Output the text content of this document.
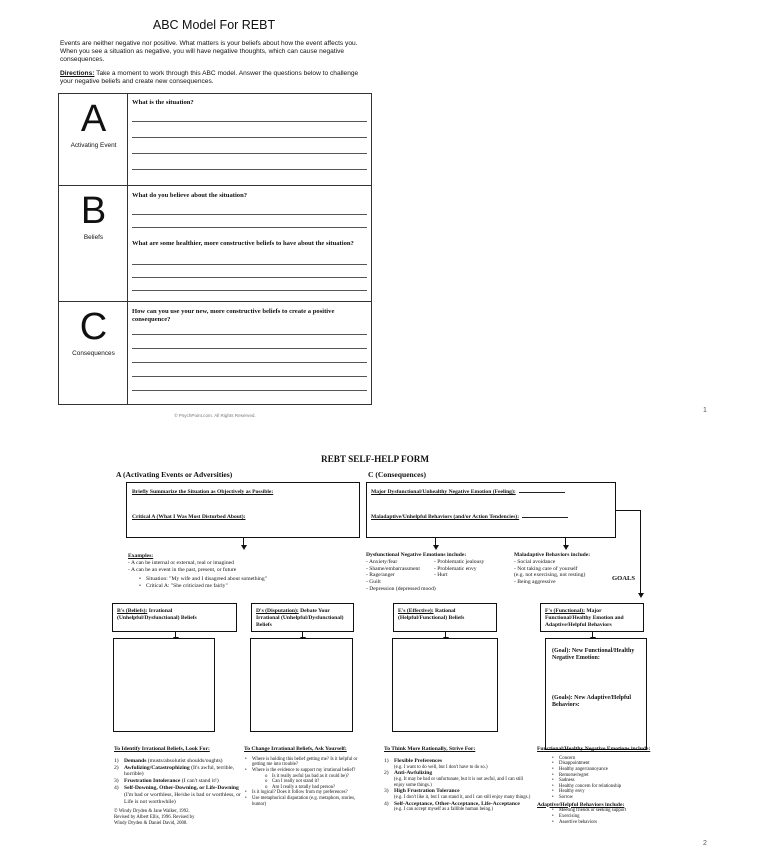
ABC Model For REBT
Events are neither negative nor positive. What matters is your beliefs about how the event affects you. When you see a situation as negative, you will have negative thoughts, which can cause negative consequences.
Directions: Take a moment to work through this ABC model. Answer the questions below to challenge your negative beliefs and create new consequences.
A
Activating Event
What is the situation?
B
Beliefs
What do you believe about the situation?
What are some healthier, more constructive beliefs to have about the situation?
C
Consequences
How can you use your new, more constructive beliefs to create a positive consequence?
© PsychPoint.com. All Rights Reserved.
1
REBT SELF-HELP FORM
A (Activating Events or Adversities)	C (Consequences)
Briefly Summarize the Situation as Objectively as Possible:
Critical A (What I Was Most Disturbed About):
Major Dysfunctional/Unhealthy Negative Emotion (Feeling):
Maladaptive/Unhelpful Behaviors (and/or Action Tendencies):
Examples:
- A can be internal or external, real or imagined
- A can be an event in the past, present, or future
• Situation: "My wife and I disagreed about something"
• Critical A: "She criticized me fairly"
Dysfunctional Negative Emotions include:
- Anxiety/fear
- Shame/embarrassment
- Rage/anger
- Guilt
- Depression (depressed mood)
- Problematic jealousy
- Problematic envy
- Hurt
Maladaptive Behaviors include:
- Social avoidance
- Not taking care of yourself
(e.g. not exercising, not resting)
- Being aggressive
GOALS
B's (Beliefs): Irrational (Unhelpful/Dysfunctional) Beliefs
D's (Disputation): Debate Your Irrational (Unhelpful/Dysfunctional) Beliefs
E's (Effective): Rational (Helpful/Functional) Beliefs
F's (Functional): Major Functional/Healthy Emotion and Adaptive/Helpful Behaviors
(Goal): New Functional/Healthy Negative Emotion:
(Goals): New Adaptive/Helpful Behaviors:
To Identify Irrational Beliefs, Look For:
1) Demands (musts/absolutist shoulds/oughts)
2) Awfulizing/Catastrophizing (It's awful, terrible, horrible)
3) Frustration Intolerance (I can't stand it!)
4) Self-Downing, Other-Downing, or Life-Downing (I'm bad or worthless, He/she is bad or worthless, or Life is not worthwhile)
© Windy Dryden & Jane Walker, 1992.
Revised by Albert Ellis, 1996. Revised by
Windy Dryden & Daniel David, 2008.
To Change Irrational Beliefs, Ask Yourself:
• Where is holding this belief getting me? Is it helpful or getting me into trouble?
• Where is the evidence to support my irrational belief?
o Is it really awful (as bad as it could be)?
o Can I really not stand it?
o Am I really a totally bad person?
• Is it logical? Does it follow from my preferences?
• Use metaphorical disputation (e.g. metaphors, stories, humor)
To Think More Rationally, Strive For:
1) Flexible Preferences
(e.g. I want to do well, but I don't have to do so.)
2) Anti-Awfulizing
(e.g. It may be bad or unfortunate, but it is not awful, and I can still enjoy some things.)
3) High Frustration Tolerance
(e.g. I don't like it, but I can stand it, and I can still enjoy many things.)
4) Self-Acceptance, Other-Acceptance, Life-Acceptance
(e.g. I can accept myself as a fallible human being.)
Functional/Healthy Negative Emotions include:
• Concern
• Disappointment
• Healthy anger/annoyance
• Remorse/regret
• Sadness
• Healthy concern for relationship
• Healthy envy
• Sorrow
Adaptive/Helpful Behaviors include:
• Meeting friends or seeking support
• Exercising
• Assertive behaviors
2
